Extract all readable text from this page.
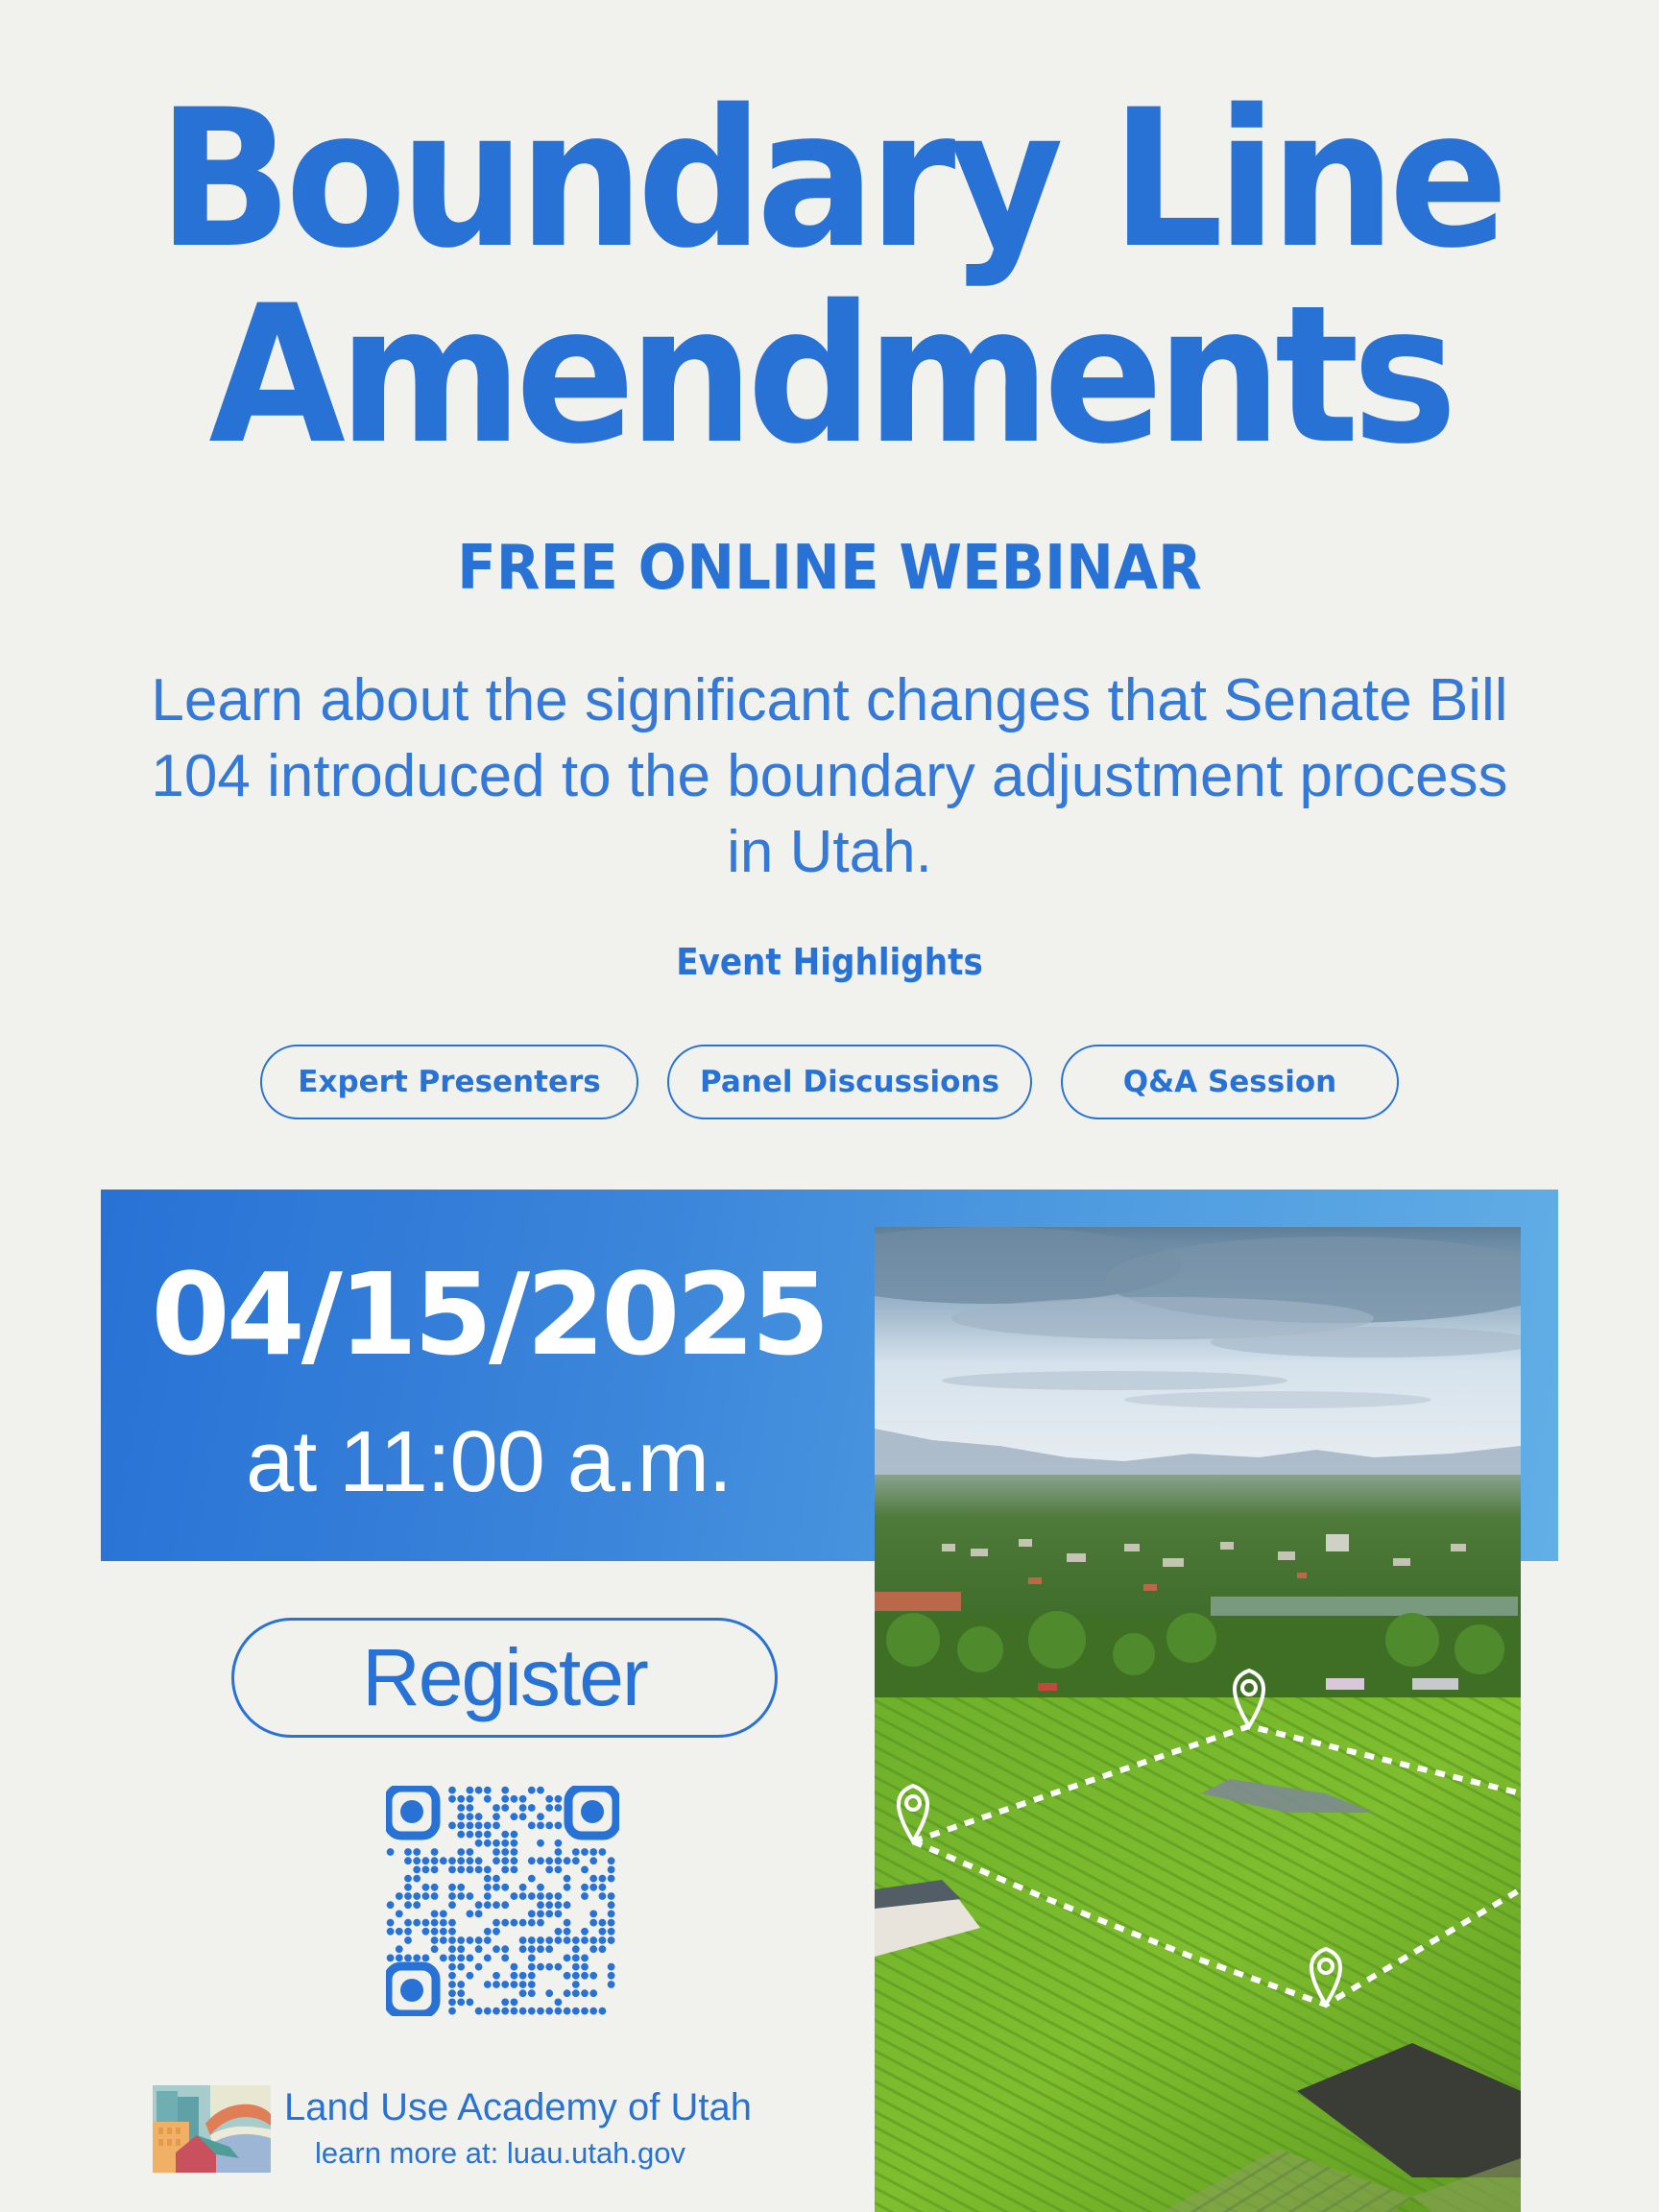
Boundary Line
Amendments
FREE ONLINE WEBINAR
Learn about the significant changes that Senate Bill 104 introduced to the boundary adjustment process in Utah.
Event Highlights
Expert Presenters	Panel Discussions	Q&A Session
04/15/2025
at 11:00 a.m.
Register
Land Use Academy of Utah
learn more at: luau.utah.gov
